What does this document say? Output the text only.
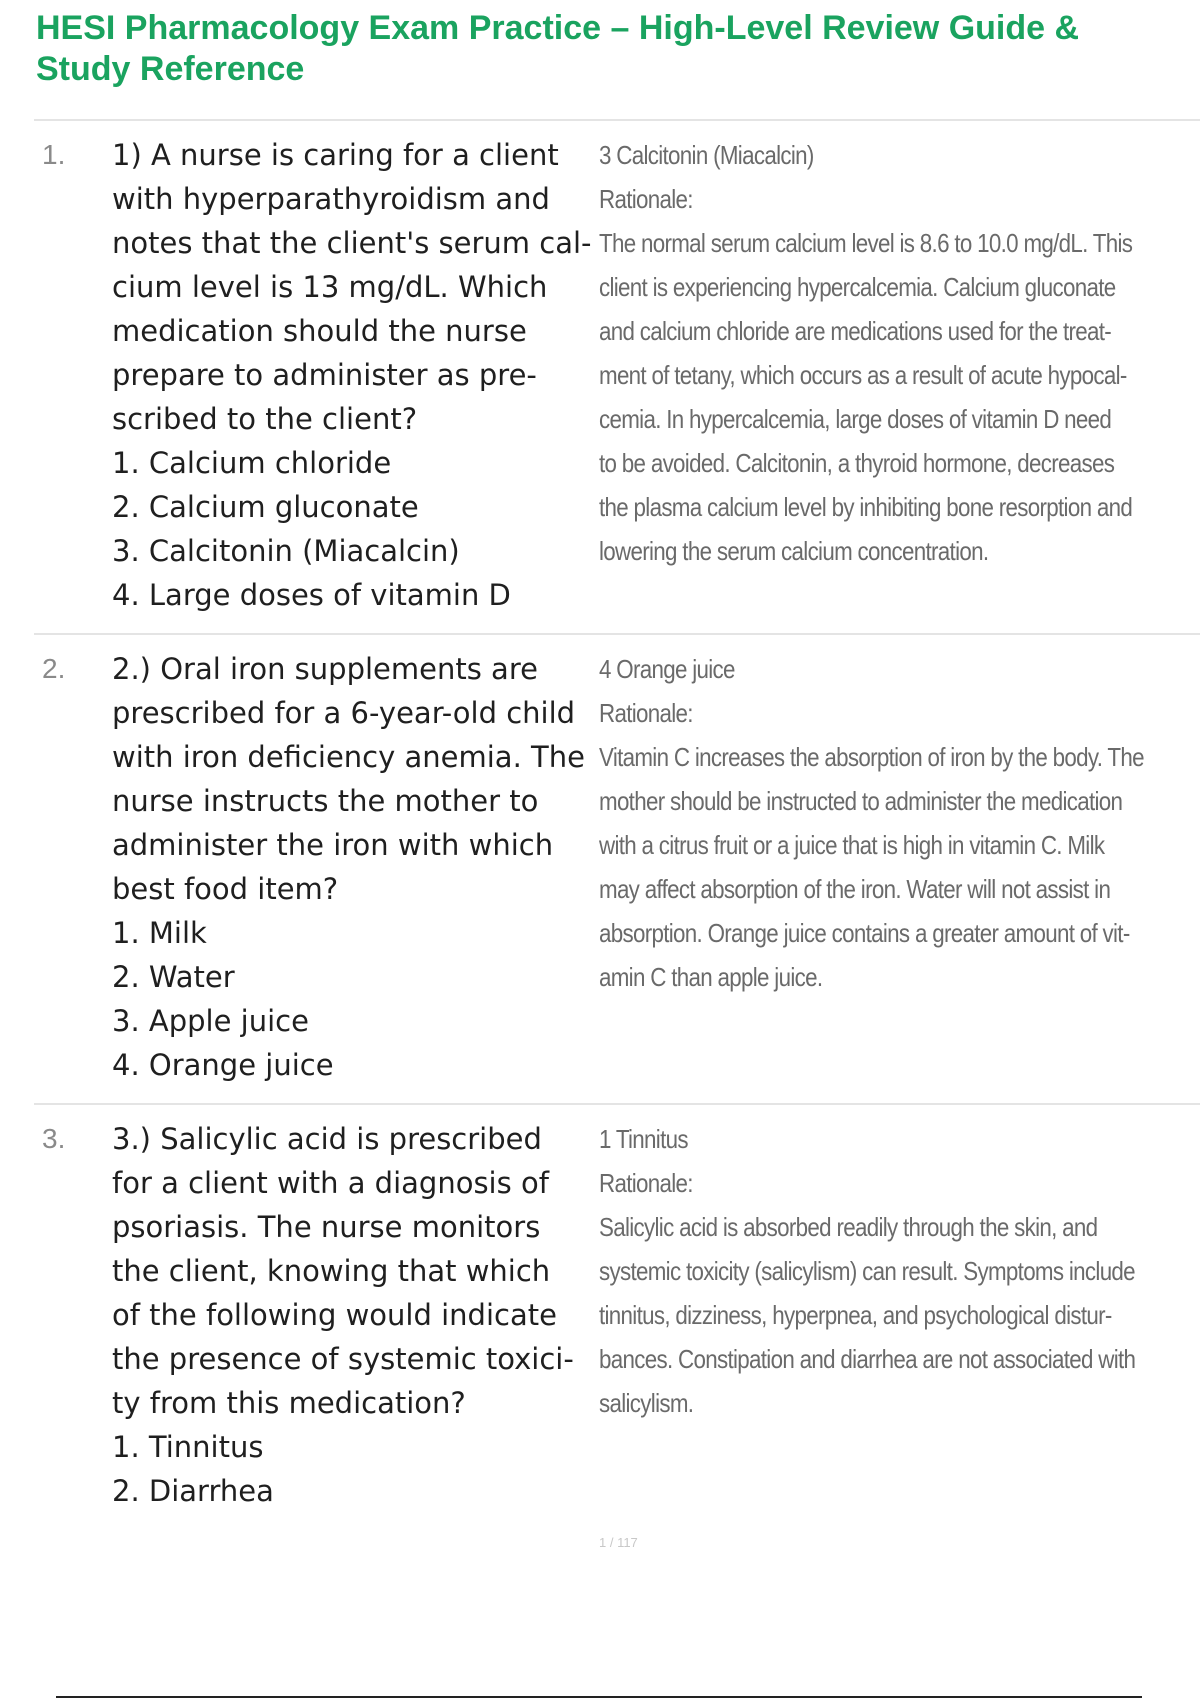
HESI Pharmacology Exam Practice – High-Level Review Guide &
Study Reference
1. 1) A nurse is caring for a client
with hyperparathyroidism and
notes that the client's serum cal-
cium level is 13 mg/dL. Which
medication should the nurse
prepare to administer as pre-
scribed to the client?
1. Calcium chloride
2. Calcium gluconate
3. Calcitonin (Miacalcin)
4. Large doses of vitamin D
3 Calcitonin (Miacalcin)
Rationale:
The normal serum calcium level is 8.6 to 10.0 mg/dL. This
client is experiencing hypercalcemia. Calcium gluconate
and calcium chloride are medications used for the treat-
ment of tetany, which occurs as a result of acute hypocal-
cemia. In hypercalcemia, large doses of vitamin D need
to be avoided. Calcitonin, a thyroid hormone, decreases
the plasma calcium level by inhibiting bone resorption and
lowering the serum calcium concentration.
2. 2.) Oral iron supplements are
prescribed for a 6-year-old child
with iron deficiency anemia. The
nurse instructs the mother to
administer the iron with which
best food item?
1. Milk
2. Water
3. Apple juice
4. Orange juice
4 Orange juice
Rationale:
Vitamin C increases the absorption of iron by the body. The
mother should be instructed to administer the medication
with a citrus fruit or a juice that is high in vitamin C. Milk
may affect absorption of the iron. Water will not assist in
absorption. Orange juice contains a greater amount of vit-
amin C than apple juice.
3. 3.) Salicylic acid is prescribed
for a client with a diagnosis of
psoriasis. The nurse monitors
the client, knowing that which
of the following would indicate
the presence of systemic toxici-
ty from this medication?
1. Tinnitus
2. Diarrhea
1 Tinnitus
Rationale:
Salicylic acid is absorbed readily through the skin, and
systemic toxicity (salicylism) can result. Symptoms include
tinnitus, dizziness, hyperpnea, and psychological distur-
bances. Constipation and diarrhea are not associated with
salicylism.
1 / 117
